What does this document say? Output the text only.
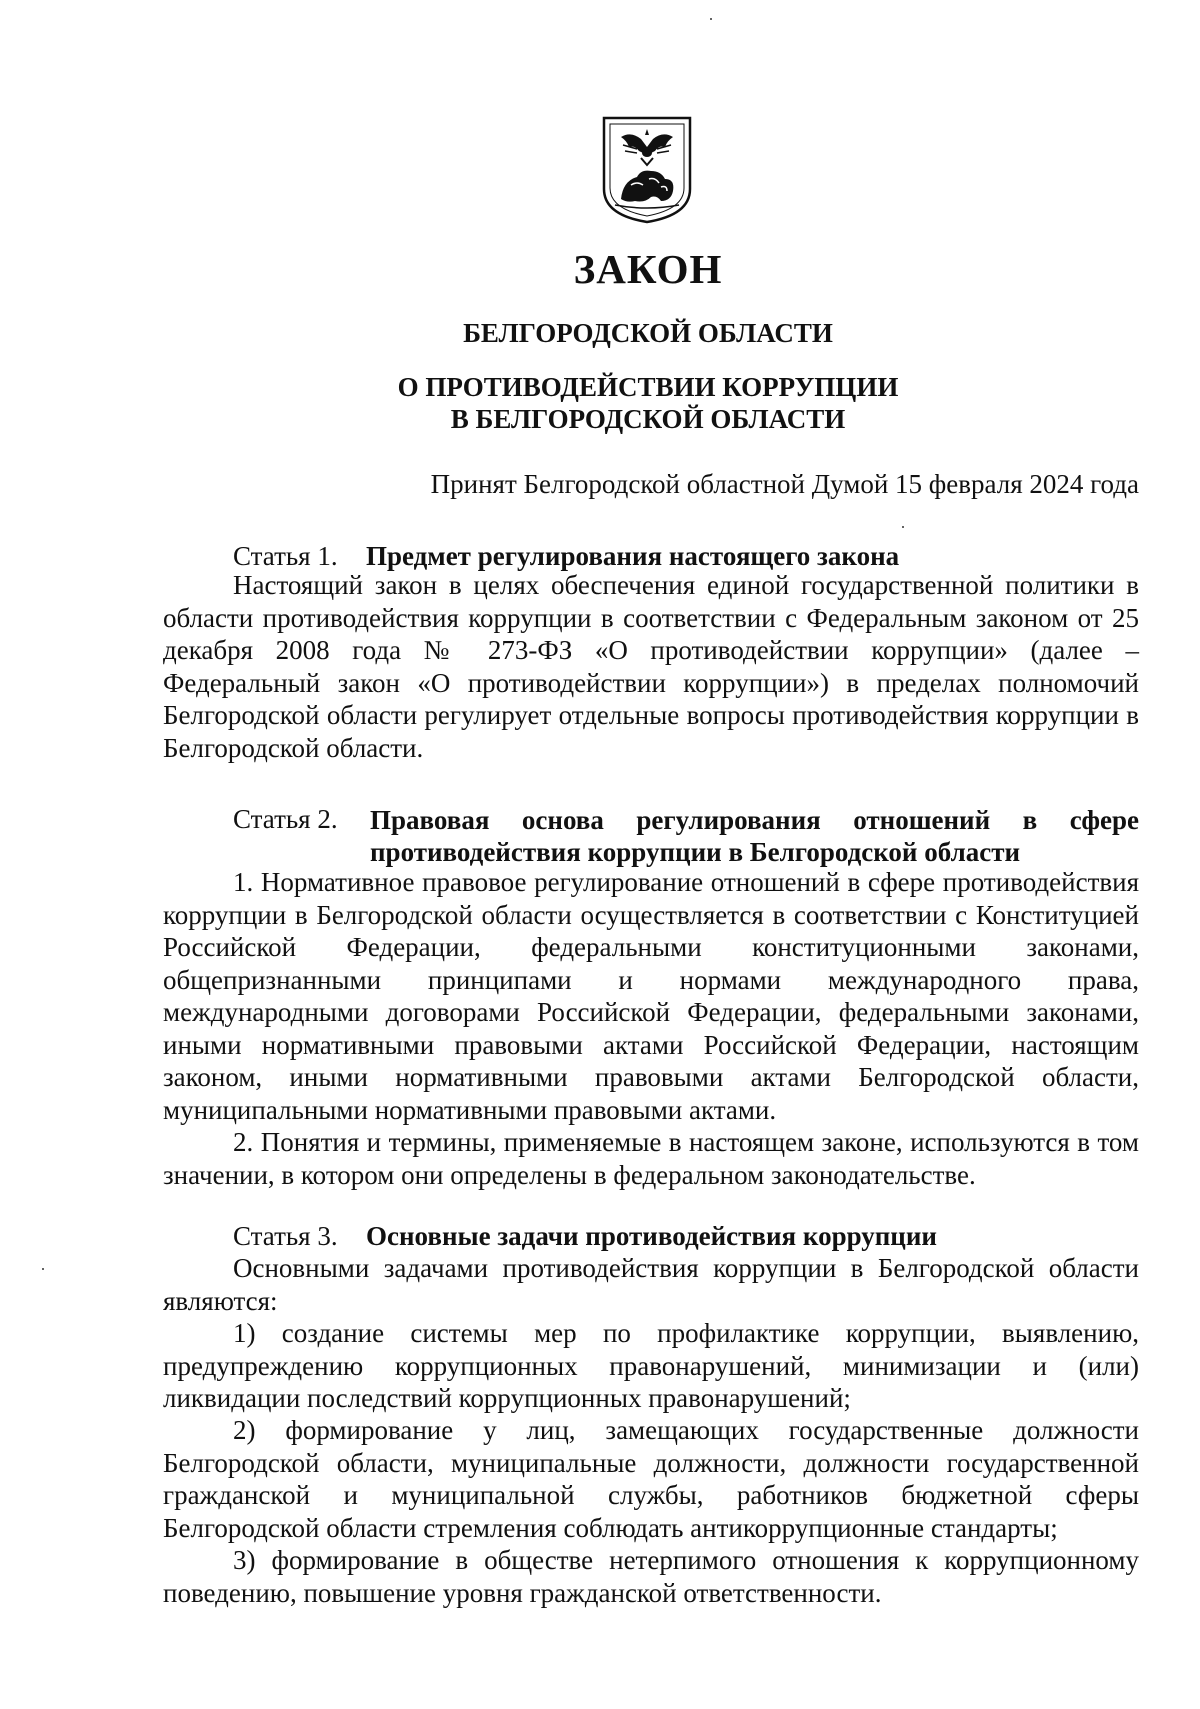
ЗАКОН
БЕЛГОРОДСКОЙ ОБЛАСТИ
О ПРОТИВОДЕЙСТВИИ КОРРУПЦИИ
В БЕЛГОРОДСКОЙ ОБЛАСТИ
Принят Белгородской областной Думой 15 февраля 2024 года
Статья 1. Предмет регулирования настоящего закона
Настоящий закон в целях обеспечения единой государственной политики в области противодействия коррупции в соответствии с Федеральным законом от 25 декабря 2008 года № 273-ФЗ «О противодействии коррупции» (далее – Федеральный закон «О противодействии коррупции») в пределах полномочий Белгородской области регулирует отдельные вопросы противодействия коррупции в Белгородской области.
Статья 2. Правовая основа регулирования отношений в сфере противодействия коррупции в Белгородской области
1. Нормативное правовое регулирование отношений в сфере противодействия коррупции в Белгородской области осуществляется в соответствии с Конституцией Российской Федерации, федеральными конституционными законами, общепризнанными принципами и нормами международного права, международными договорами Российской Федерации, федеральными законами, иными нормативными правовыми актами Российской Федерации, настоящим законом, иными нормативными правовыми актами Белгородской области, муниципальными нормативными правовыми актами.
2. Понятия и термины, применяемые в настоящем законе, используются в том значении, в котором они определены в федеральном законодательстве.
Статья 3. Основные задачи противодействия коррупции
Основными задачами противодействия коррупции в Белгородской области являются:
1) создание системы мер по профилактике коррупции, выявлению, предупреждению коррупционных правонарушений, минимизации и (или) ликвидации последствий коррупционных правонарушений;
2) формирование у лиц, замещающих государственные должности Белгородской области, муниципальные должности, должности государственной гражданской и муниципальной службы, работников бюджетной сферы Белгородской области стремления соблюдать антикоррупционные стандарты;
3) формирование в обществе нетерпимого отношения к коррупционному поведению, повышение уровня гражданской ответственности.
